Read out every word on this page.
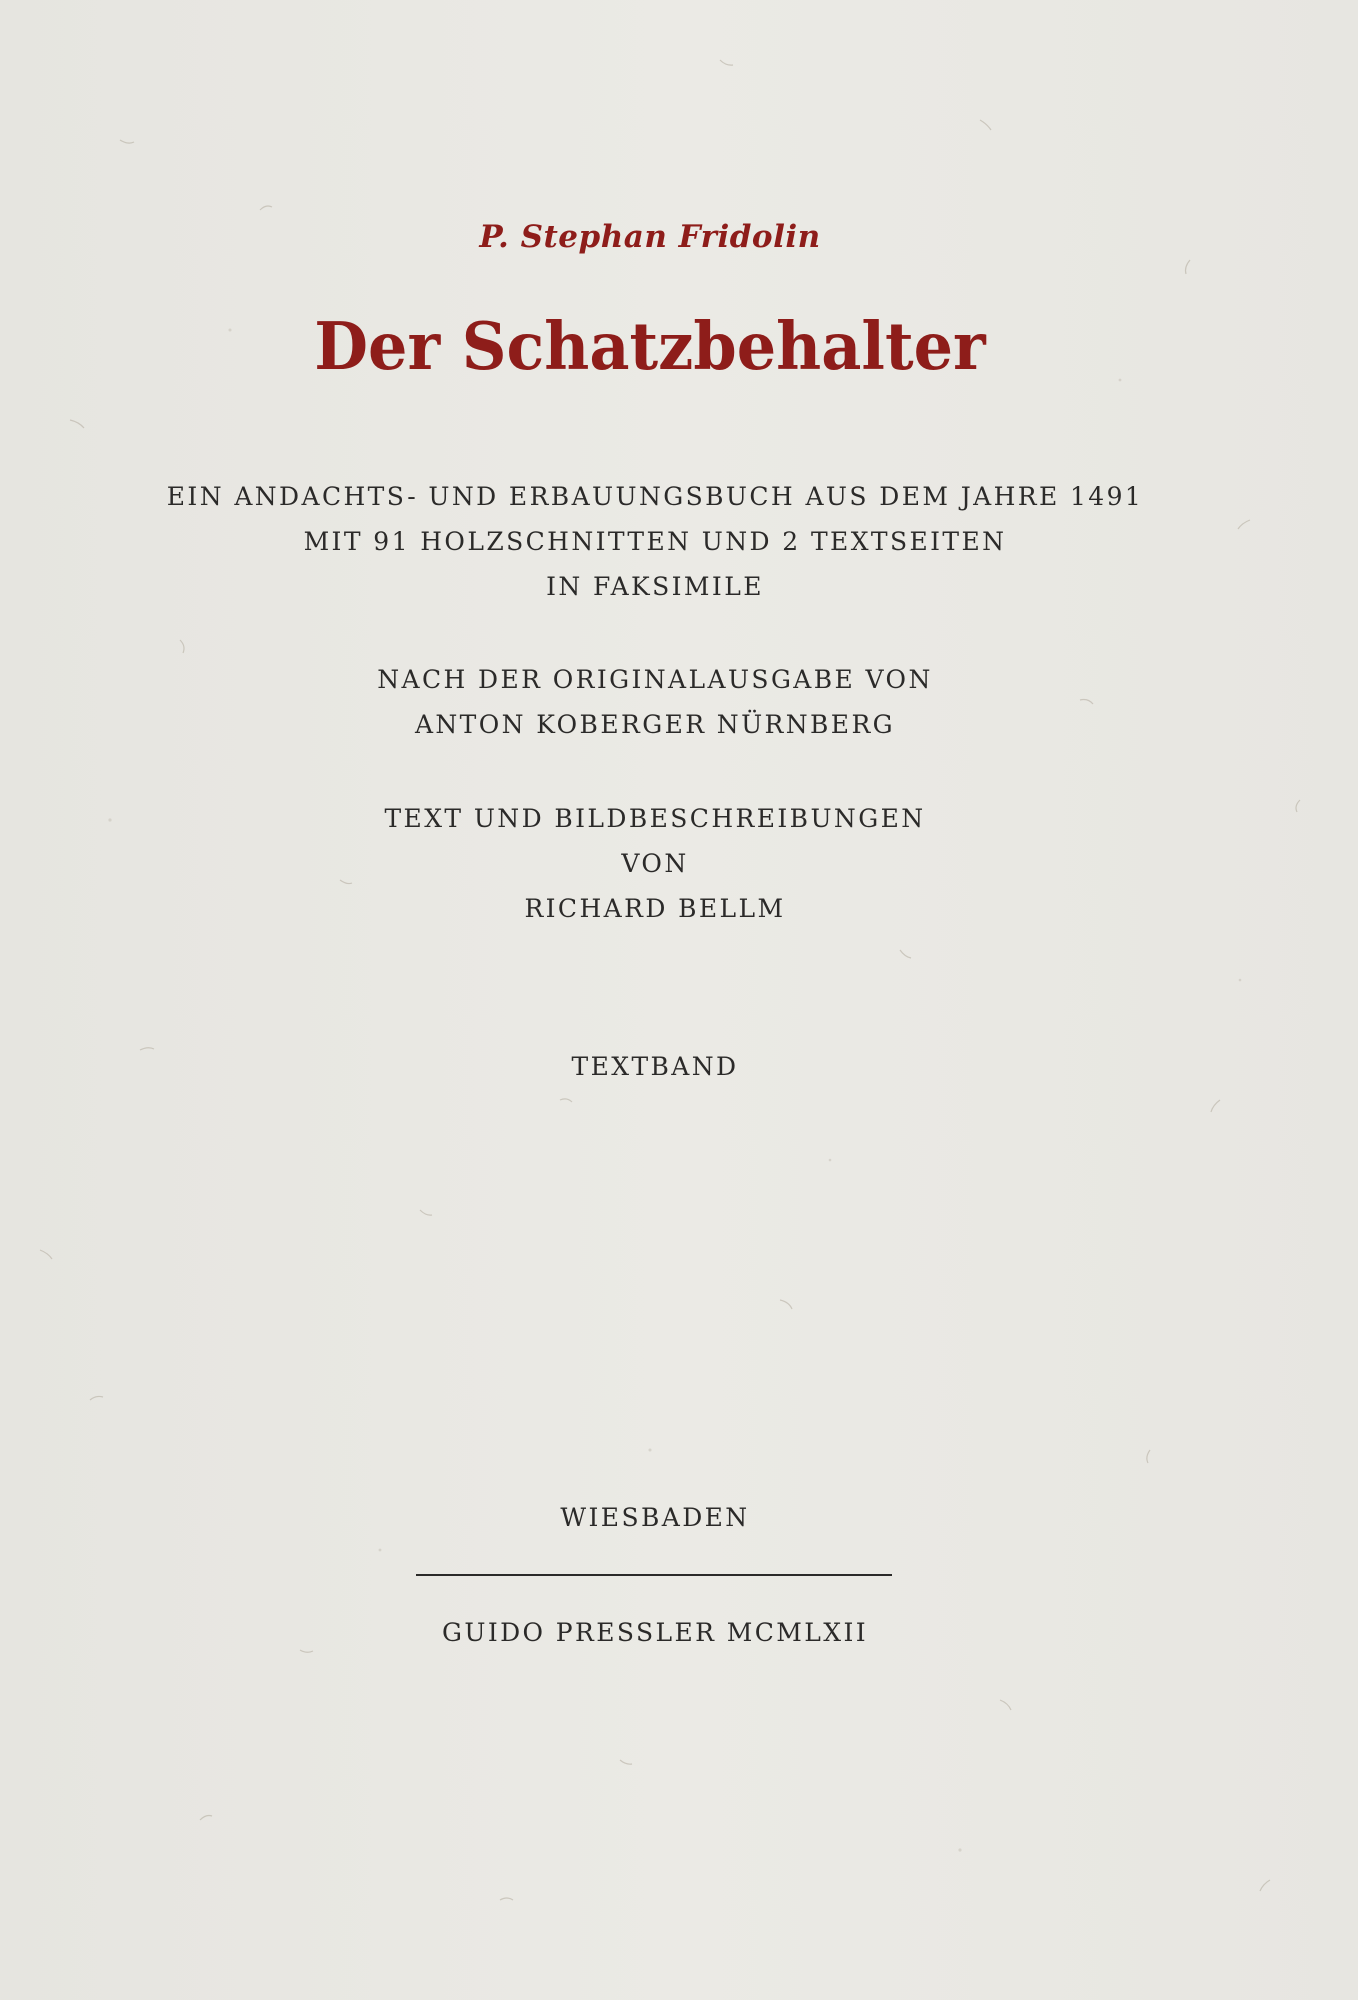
P. Stephan Fridolin
Der Schatzbehalter
EIN ANDACHTS- UND ERBAUUNGSBUCH AUS DEM JAHRE 1491
MIT 91 HOLZSCHNITTEN UND 2 TEXTSEITEN
IN FAKSIMILE
NACH DER ORIGINALAUSGABE VON
ANTON KOBERGER NÜRNBERG
TEXT UND BILDBESCHREIBUNGEN
VON
RICHARD BELLM
TEXTBAND
WIESBADEN
GUIDO PRESSLER MCMLXII
